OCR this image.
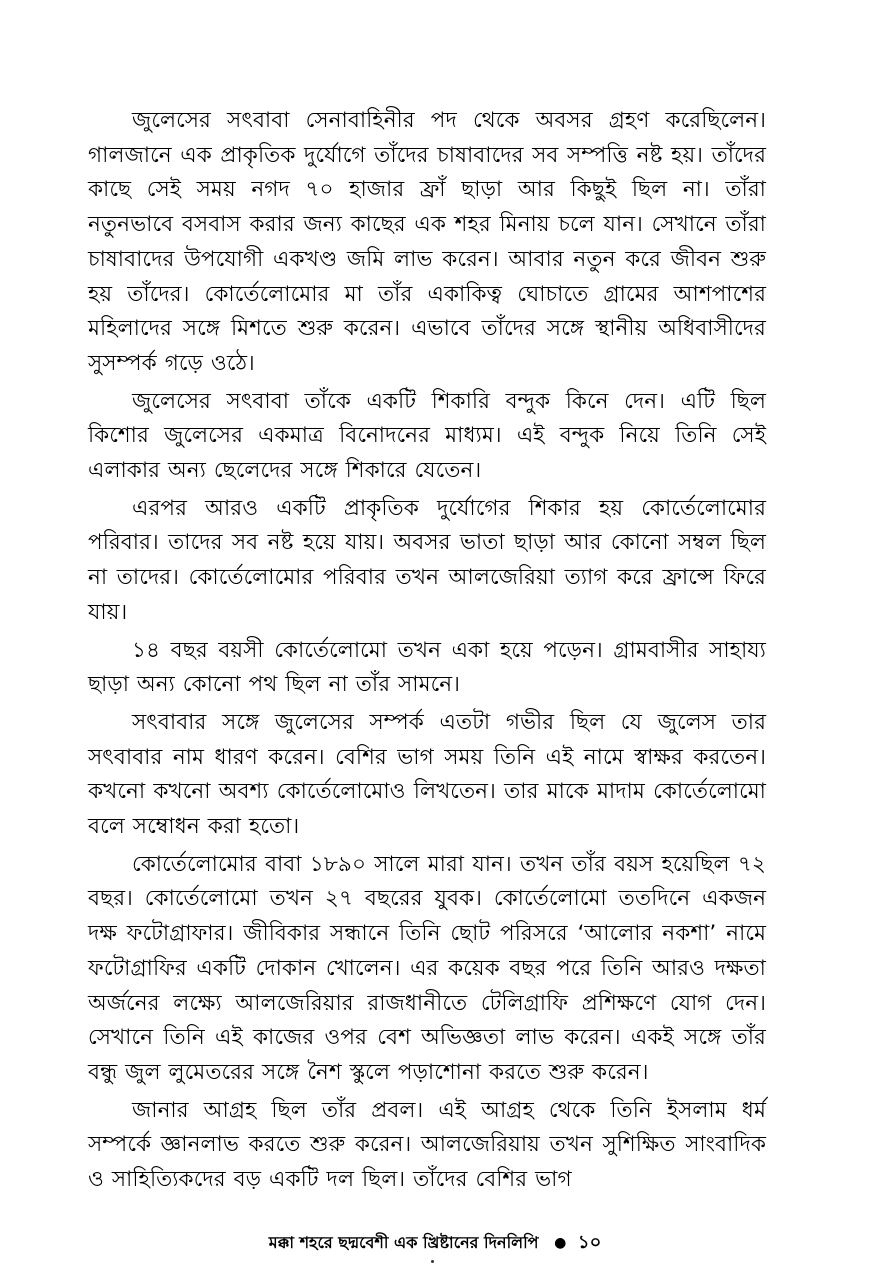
জুলেসের সৎবাবা সেনাবাহিনীর পদ থেকে অবসর গ্রহণ করেছিলেন। গালজানে এক প্রাকৃতিক দুর্যোগে তাঁদের চাষাবাদের সব সম্পত্তি নষ্ট হয়। তাঁদের কাছে সেই সময় নগদ ৭০ হাজার ফ্রাঁ ছাড়া আর কিছুই ছিল না। তাঁরা নতুনভাবে বসবাস করার জন্য কাছের এক শহর মিনায় চলে যান। সেখানে তাঁরা চাষাবাদের উপযোগী একখণ্ড জমি লাভ করেন। আবার নতুন করে জীবন শুরু হয় তাঁদের। কোর্তেলোমোর মা তাঁর একাকিত্ব ঘোচাতে গ্রামের আশপাশের মহিলাদের সঙ্গে মিশতে শুরু করেন। এভাবে তাঁদের সঙ্গে স্থানীয় অধিবাসীদের সুসম্পর্ক গড়ে ওঠে।

জুলেসের সৎবাবা তাঁকে একটি শিকারি বন্দুক কিনে দেন। এটি ছিল কিশোর জুলেসের একমাত্র বিনোদনের মাধ্যম। এই বন্দুক নিয়ে তিনি সেই এলাকার অন্য ছেলেদের সঙ্গে শিকারে যেতেন।

এরপর আরও একটি প্রাকৃতিক দুর্যোগের শিকার হয় কোর্তেলোমোর পরিবার। তাদের সব নষ্ট হয়ে যায়। অবসর ভাতা ছাড়া আর কোনো সম্বল ছিল না তাদের। কোর্তেলোমোর পরিবার তখন আলজেরিয়া ত্যাগ করে ফ্রান্সে ফিরে যায়।

১৪ বছর বয়সী কোর্তেলোমো তখন একা হয়ে পড়েন। গ্রামবাসীর সাহায্য ছাড়া অন্য কোনো পথ ছিল না তাঁর সামনে।

সৎবাবার সঙ্গে জুলেসের সম্পর্ক এতটা গভীর ছিল যে জুলেস তার সৎবাবার নাম ধারণ করেন। বেশির ভাগ সময় তিনি এই নামে স্বাক্ষর করতেন। কখনো কখনো অবশ্য কোর্তেলোমোও লিখতেন। তার মাকে মাদাম কোর্তেলোমো বলে সম্বোধন করা হতো।

কোর্তেলোমোর বাবা ১৮৯০ সালে মারা যান। তখন তাঁর বয়স হয়েছিল ৭২ বছর। কোর্তেলোমো তখন ২৭ বছরের যুবক। কোর্তেলোমো ততদিনে একজন দক্ষ ফটোগ্রাফার। জীবিকার সন্ধানে তিনি ছোট পরিসরে ‘আলোর নকশা’ নামে ফটোগ্রাফির একটি দোকান খোলেন। এর কয়েক বছর পরে তিনি আরও দক্ষতা অর্জনের লক্ষ্যে আলজেরিয়ার রাজধানীতে টেলিগ্রাফি প্রশিক্ষণে যোগ দেন। সেখানে তিনি এই কাজের ওপর বেশ অভিজ্ঞতা লাভ করেন। একই সঙ্গে তাঁর বন্ধু জুল লুমেতরের সঙ্গে নৈশ স্কুলে পড়াশোনা করতে শুরু করেন।

জানার আগ্রহ ছিল তাঁর প্রবল। এই আগ্রহ থেকে তিনি ইসলাম ধর্ম সম্পর্কে জ্ঞানলাভ করতে শুরু করেন। আলজেরিয়ায় তখন সুশিক্ষিত সাংবাদিক ও সাহিত্যিকদের বড় একটি দল ছিল। তাঁদের বেশির ভাগ

মক্কা শহরে ছদ্মবেশী এক খ্রিষ্টানের দিনলিপি ● ১০
